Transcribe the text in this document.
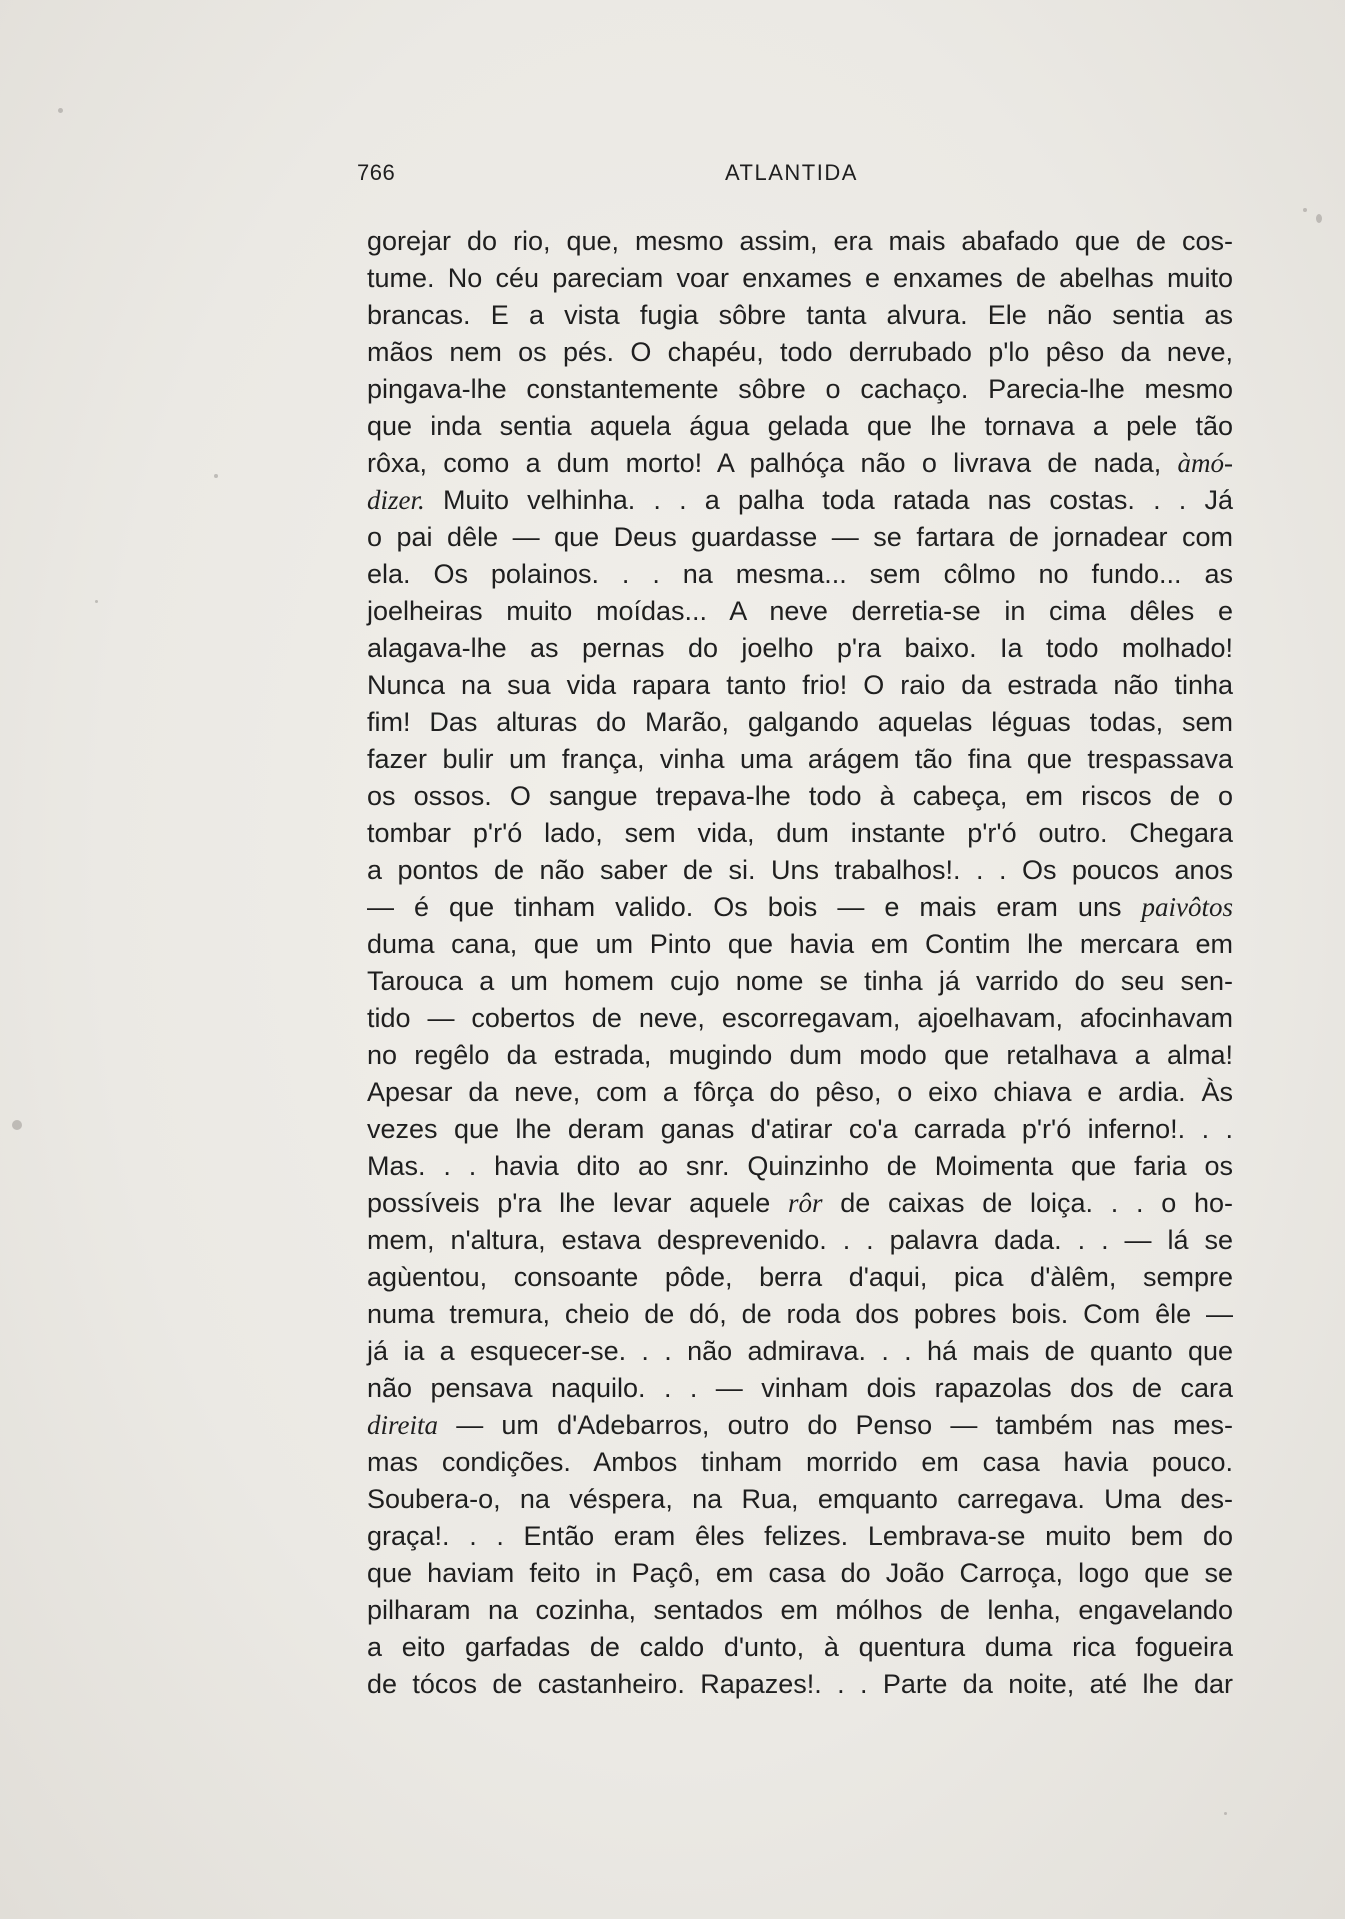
766	ATLANTIDA
gorejar do rio, que, mesmo assim, era mais abafado que de cos-
tume. No céu pareciam voar enxames e enxames de abelhas muito
brancas. E a vista fugia sôbre tanta alvura. Ele não sentia as
mãos nem os pés. O chapéu, todo derrubado p'lo pêso da neve,
pingava-lhe constantemente sôbre o cachaço. Parecia-lhe mesmo
que inda sentia aquela água gelada que lhe tornava a pele tão
rôxa, como a dum morto! A palhóça não o livrava de nada, àmó-
dizer. Muito velhinha. . . a palha toda ratada nas costas. . . Já
o pai dêle — que Deus guardasse — se fartara de jornadear com
ela. Os polainos. . . na mesma... sem côlmo no fundo... as
joelheiras muito moídas... A neve derretia-se in cima dêles e
alagava-lhe as pernas do joelho p'ra baixo. Ia todo molhado!
Nunca na sua vida rapara tanto frio! O raio da estrada não tinha
fim! Das alturas do Marão, galgando aquelas léguas todas, sem
fazer bulir um frança, vinha uma arágem tão fina que trespassava
os ossos. O sangue trepava-lhe todo à cabeça, em riscos de o
tombar p'r'ó lado, sem vida, dum instante p'r'ó outro. Chegara
a pontos de não saber de si. Uns trabalhos!. . . Os poucos anos
— é que tinham valido. Os bois — e mais eram uns paivôtos
duma cana, que um Pinto que havia em Contim lhe mercara em
Tarouca a um homem cujo nome se tinha já varrido do seu sen-
tido — cobertos de neve, escorregavam, ajoelhavam, afocinhavam
no regêlo da estrada, mugindo dum modo que retalhava a alma!
Apesar da neve, com a fôrça do pêso, o eixo chiava e ardia. Às
vezes que lhe deram ganas d'atirar co'a carrada p'r'ó inferno!. . .
Mas. . . havia dito ao snr. Quinzinho de Moimenta que faria os
possíveis p'ra lhe levar aquele rôr de caixas de loiça. . . o ho-
mem, n'altura, estava desprevenido. . . palavra dada. . . — lá se
agùentou, consoante pôde, berra d'aqui, pica d'àlêm, sempre
numa tremura, cheio de dó, de roda dos pobres bois. Com êle —
já ia a esquecer-se. . . não admirava. . . há mais de quanto que
não pensava naquilo. . . — vinham dois rapazolas dos de cara
direita — um d'Adebarros, outro do Penso — também nas mes-
mas condições. Ambos tinham morrido em casa havia pouco.
Soubera-o, na véspera, na Rua, emquanto carregava. Uma des-
graça!. . . Então eram êles felizes. Lembrava-se muito bem do
que haviam feito in Paçô, em casa do João Carroça, logo que se
pilharam na cozinha, sentados em mólhos de lenha, engavelando
a eito garfadas de caldo d'unto, à quentura duma rica fogueira
de tócos de castanheiro. Rapazes!. . . Parte da noite, até lhe dar
